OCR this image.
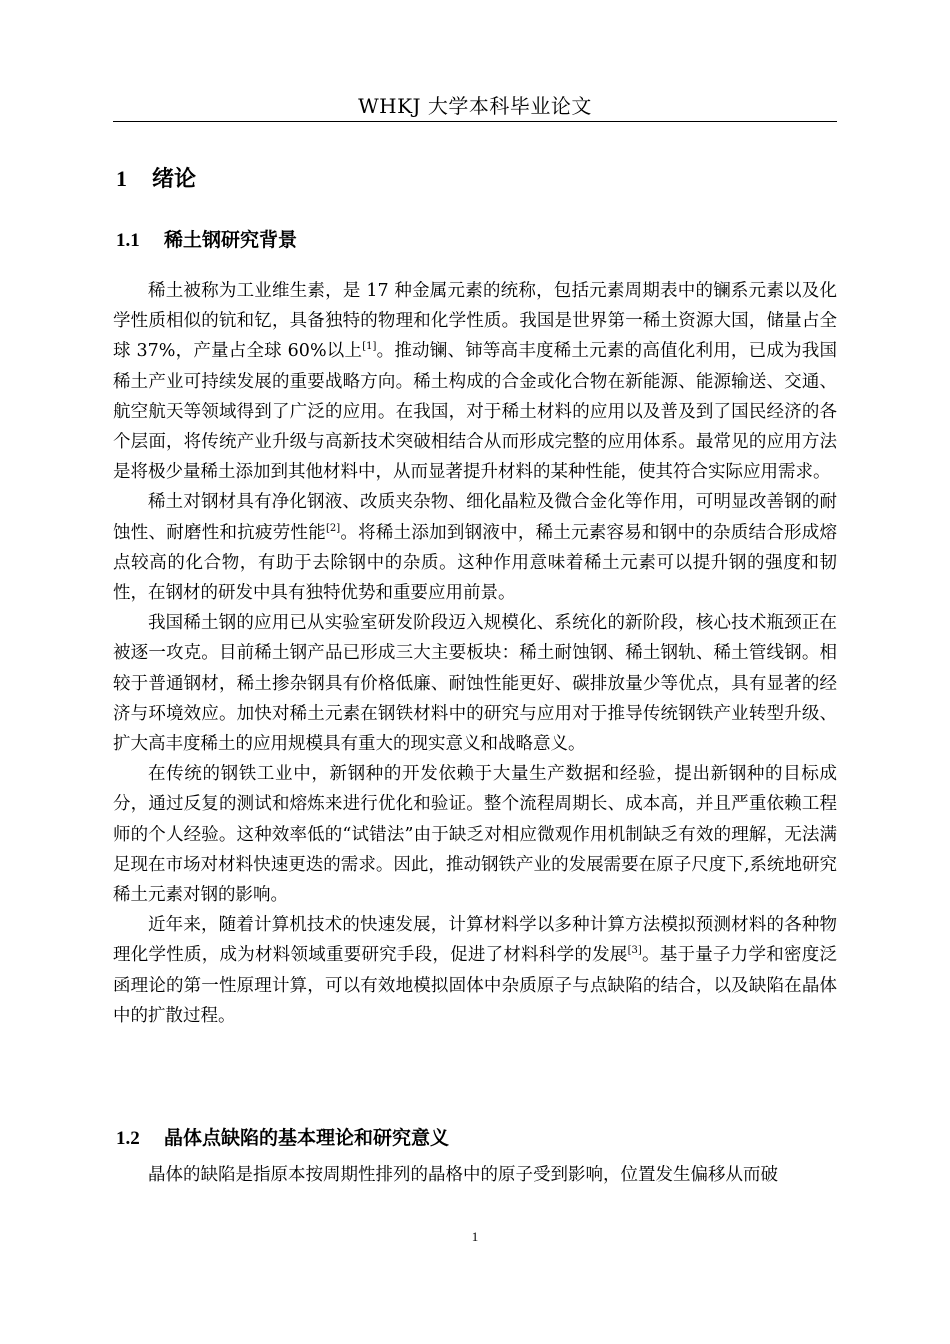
WHKJ 大学本科毕业论文
1 绪论
1.1 稀土钢研究背景

稀土被称为工业维生素，是 17 种金属元素的统称，包括元素周期表中的镧系元素以及化学性质相似的钪和钇，具备独特的物理和化学性质。我国是世界第一稀土资源大国，储量占全球 37%，产量占全球 60%以上[1]。推动镧、铈等高丰度稀土元素的高值化利用，已成为我国稀土产业可持续发展的重要战略方向。稀土构成的合金或化合物在新能源、能源输送、交通、航空航天等领域得到了广泛的应用。在我国，对于稀土材料的应用以及普及到了国民经济的各个层面，将传统产业升级与高新技术突破相结合从而形成完整的应用体系。最常见的应用方法是将极少量稀土添加到其他材料中，从而显著提升材料的某种性能，使其符合实际应用需求。

稀土对钢材具有净化钢液、改质夹杂物、细化晶粒及微合金化等作用，可明显改善钢的耐蚀性、耐磨性和抗疲劳性能[2]。将稀土添加到钢液中，稀土元素容易和钢中的杂质结合形成熔点较高的化合物，有助于去除钢中的杂质。这种作用意味着稀土元素可以提升钢的强度和韧性，在钢材的研发中具有独特优势和重要应用前景。

我国稀土钢的应用已从实验室研发阶段迈入规模化、系统化的新阶段，核心技术瓶颈正在被逐一攻克。目前稀土钢产品已形成三大主要板块：稀土耐蚀钢、稀土钢轨、稀土管线钢。相较于普通钢材，稀土掺杂钢具有价格低廉、耐蚀性能更好、碳排放量少等优点，具有显著的经济与环境效应。加快对稀土元素在钢铁材料中的研究与应用对于推导传统钢铁产业转型升级、扩大高丰度稀土的应用规模具有重大的现实意义和战略意义。

在传统的钢铁工业中，新钢种的开发依赖于大量生产数据和经验，提出新钢种的目标成分，通过反复的测试和熔炼来进行优化和验证。整个流程周期长、成本高，并且严重依赖工程师的个人经验。这种效率低的“试错法”由于缺乏对相应微观作用机制缺乏有效的理解，无法满足现在市场对材料快速更迭的需求。因此，推动钢铁产业的发展需要在原子尺度下,系统地研究稀土元素对钢的影响。

近年来，随着计算机技术的快速发展，计算材料学以多种计算方法模拟预测材料的各种物理化学性质，成为材料领域重要研究手段，促进了材料科学的发展[3]。基于量子力学和密度泛函理论的第一性原理计算，可以有效地模拟固体中杂质原子与点缺陷的结合，以及缺陷在晶体中的扩散过程。

1.2 晶体点缺陷的基本理论和研究意义

晶体的缺陷是指原本按周期性排列的晶格中的原子受到影响，位置发生偏移从而破

1
